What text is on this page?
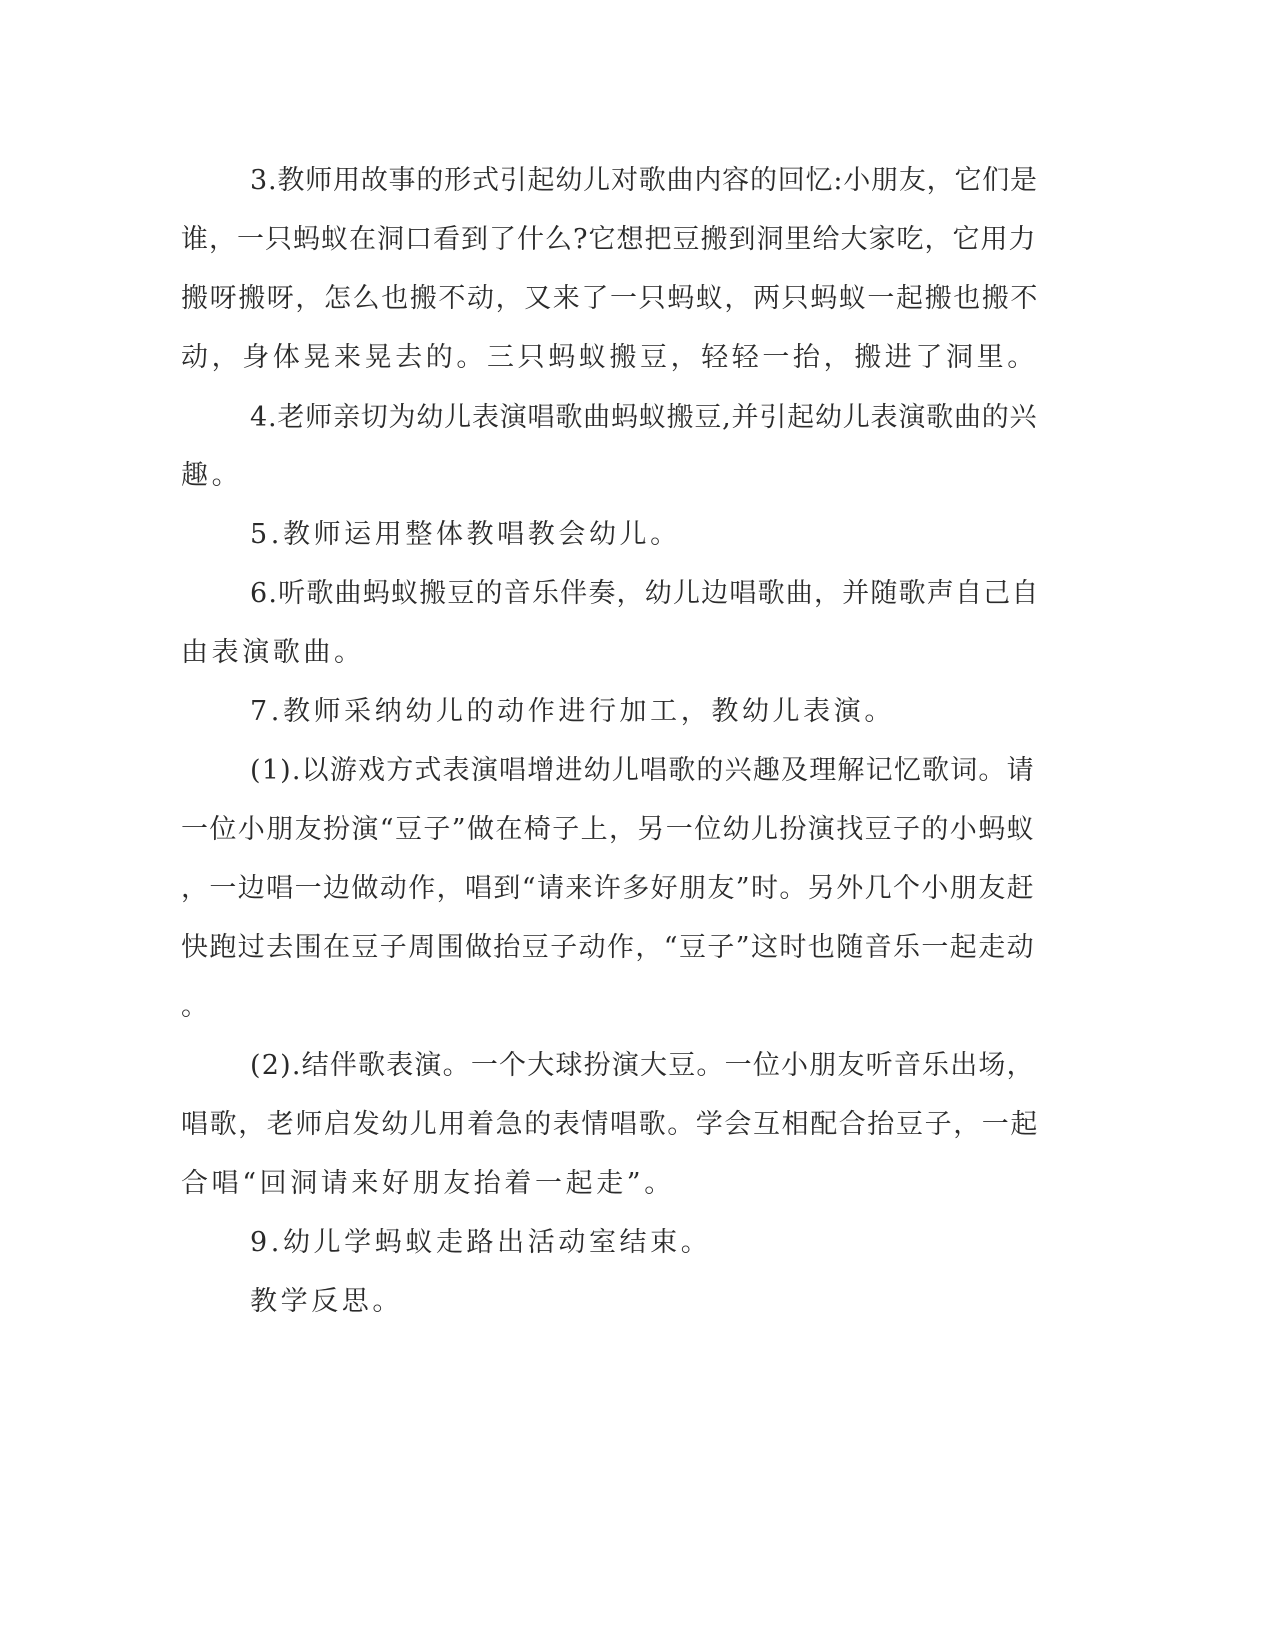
3.教师用故事的形式引起幼儿对歌曲内容的回忆:小朋友，它们是
谁，一只蚂蚁在洞口看到了什么?它想把豆搬到洞里给大家吃，它用力
搬呀搬呀，怎么也搬不动，又来了一只蚂蚁，两只蚂蚁一起搬也搬不
动，身体晃来晃去的。三只蚂蚁搬豆，轻轻一抬，搬进了洞里。
4.老师亲切为幼儿表演唱歌曲蚂蚁搬豆,并引起幼儿表演歌曲的兴
趣。
5.教师运用整体教唱教会幼儿。
6.听歌曲蚂蚁搬豆的音乐伴奏，幼儿边唱歌曲，并随歌声自己自
由表演歌曲。
7.教师采纳幼儿的动作进行加工，教幼儿表演。
(1).以游戏方式表演唱增进幼儿唱歌的兴趣及理解记忆歌词。请
一位小朋友扮演“豆子”做在椅子上，另一位幼儿扮演找豆子的小蚂蚁
，一边唱一边做动作，唱到“请来许多好朋友”时。另外几个小朋友赶
快跑过去围在豆子周围做抬豆子动作，“豆子”这时也随音乐一起走动
。
(2).结伴歌表演。一个大球扮演大豆。一位小朋友听音乐出场，
唱歌，老师启发幼儿用着急的表情唱歌。学会互相配合抬豆子，一起
合唱“回洞请来好朋友抬着一起走”。
9.幼儿学蚂蚁走路出活动室结束。
教学反思。
